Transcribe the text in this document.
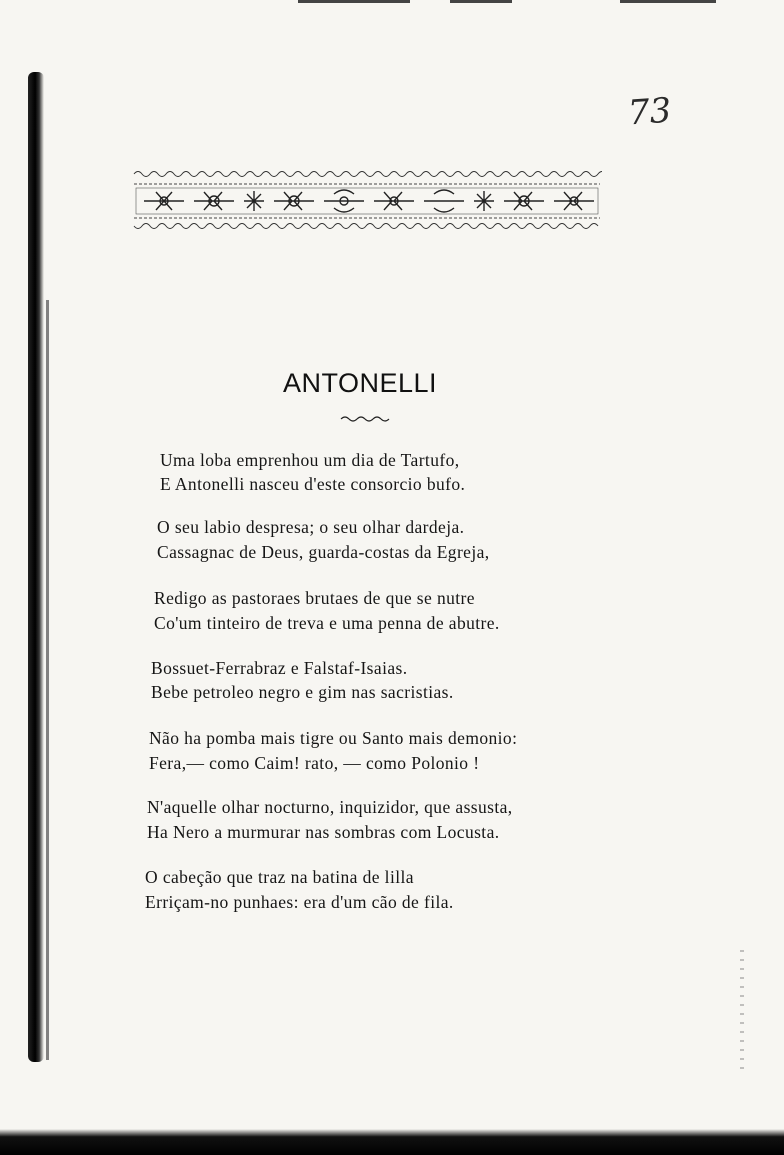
73
ANTONELLI
Uma loba emprenhou um dia de Tartufo,
E Antonelli nasceu d'este consorcio bufo.
O seu labio despresa; o seu olhar dardeja.
Cassagnac de Deus, guarda-costas da Egreja,
Redigo as pastoraes brutaes de que se nutre
Co'um tinteiro de treva e uma penna de abutre.
Bossuet-Ferrabraz e Falstaf-Isaias.
Bebe petroleo negro e gim nas sacristias.
Não ha pomba mais tigre ou Santo mais demonio:
Fera,— como Caim! rato, — como Polonio !
N'aquelle olhar nocturno, inquizidor, que assusta,
Ha Nero a murmurar nas sombras com Locusta.
O cabeção que traz na batina de lilla
Erriçam-no punhaes: era d'um cão de fila.
